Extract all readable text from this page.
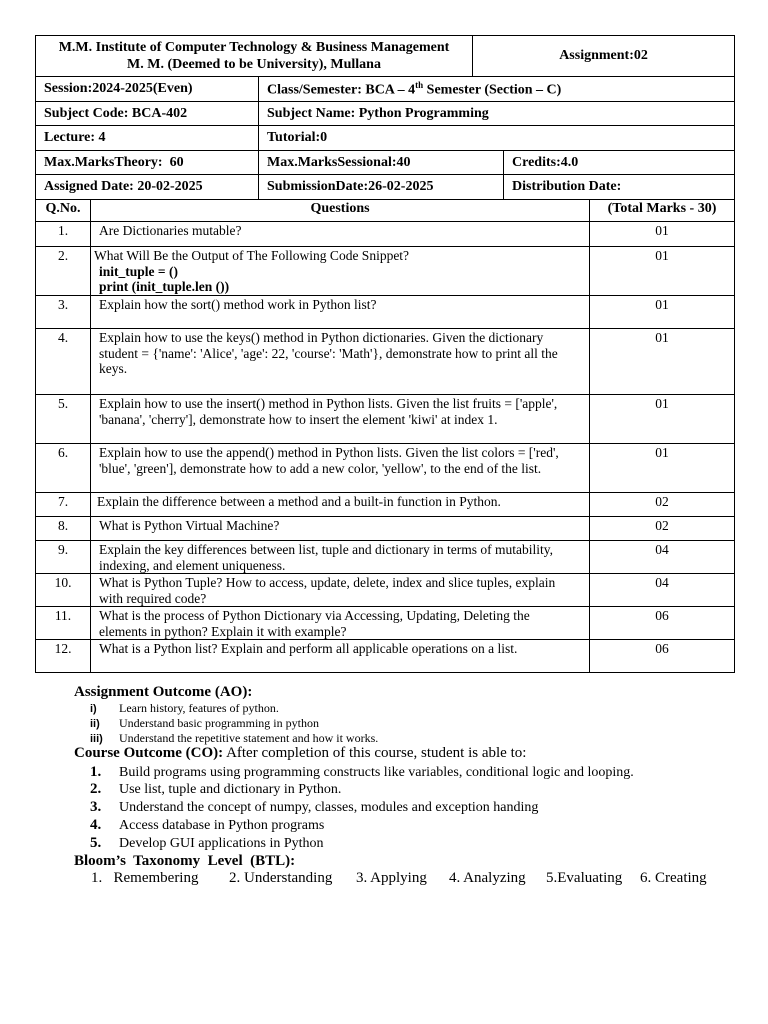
M.M. Institute of Computer Technology & Business Management
M. M. (Deemed to be University), Mullana		Assignment:02	
Session:2024-2025(Even)	Class/Semester: BCA – 4th Semester (Section – C)		
Subject Code: BCA-402	Subject Name: Python Programming		
Lecture: 4	Tutorial:0		
Max.MarksTheory:  60	Max.MarksSessional:40		Credits:4.0
Assigned Date: 20-02-2025	SubmissionDate:26-02-2025		Distribution Date:
Q.No.	Questions	(Total Marks - 30)
1.	Are Dictionaries mutable?	01
2.	What Will Be the Output of The Following Code Snippet?
init_tuple = ()
print (init_tuple.len ())	01
3.	Explain how the sort() method work in Python list?	01
4.	Explain how to use the keys() method in Python dictionaries. Given the dictionary student = {'name': 'Alice', 'age': 22, 'course': 'Math'}, demonstrate how to print all the keys.	01
5.	Explain how to use the insert() method in Python lists. Given the list fruits = ['apple', 'banana', 'cherry'], demonstrate how to insert the element 'kiwi' at index 1.	01
6.	Explain how to use the append() method in Python lists. Given the list colors = ['red', 'blue', 'green'], demonstrate how to add a new color, 'yellow', to the end of the list.	01
7.	Explain the difference between a method and a built-in function in Python.	02
8.	What is Python Virtual Machine?	02
9.	Explain the key differences between list, tuple and dictionary in terms of mutability, indexing, and element uniqueness.	04
10.	What is Python Tuple? How to access, update, delete, index and slice tuples, explain with required code?	04
11.	What is the process of Python Dictionary via Accessing, Updating, Deleting the elements in python? Explain it with example?	06
12.	What is a Python list? Explain and perform all applicable operations on a list.	06
Assignment Outcome (AO):
i) Learn history, features of python.
ii) Understand basic programming in python
iii) Understand the repetitive statement and how it works.
Course Outcome (CO): After completion of this course, student is able to:
1. Build programs using programming constructs like variables, conditional logic and looping.
2. Use list, tuple and dictionary in Python.
3. Understand the concept of numpy, classes, modules and exception handing
4. Access database in Python programs
5. Develop GUI applications in Python
Bloom’s  Taxonomy  Level  (BTL):
1.   Remembering 2. Understanding 3. Applying 4. Analyzing 5.Evaluating 6. Creating
